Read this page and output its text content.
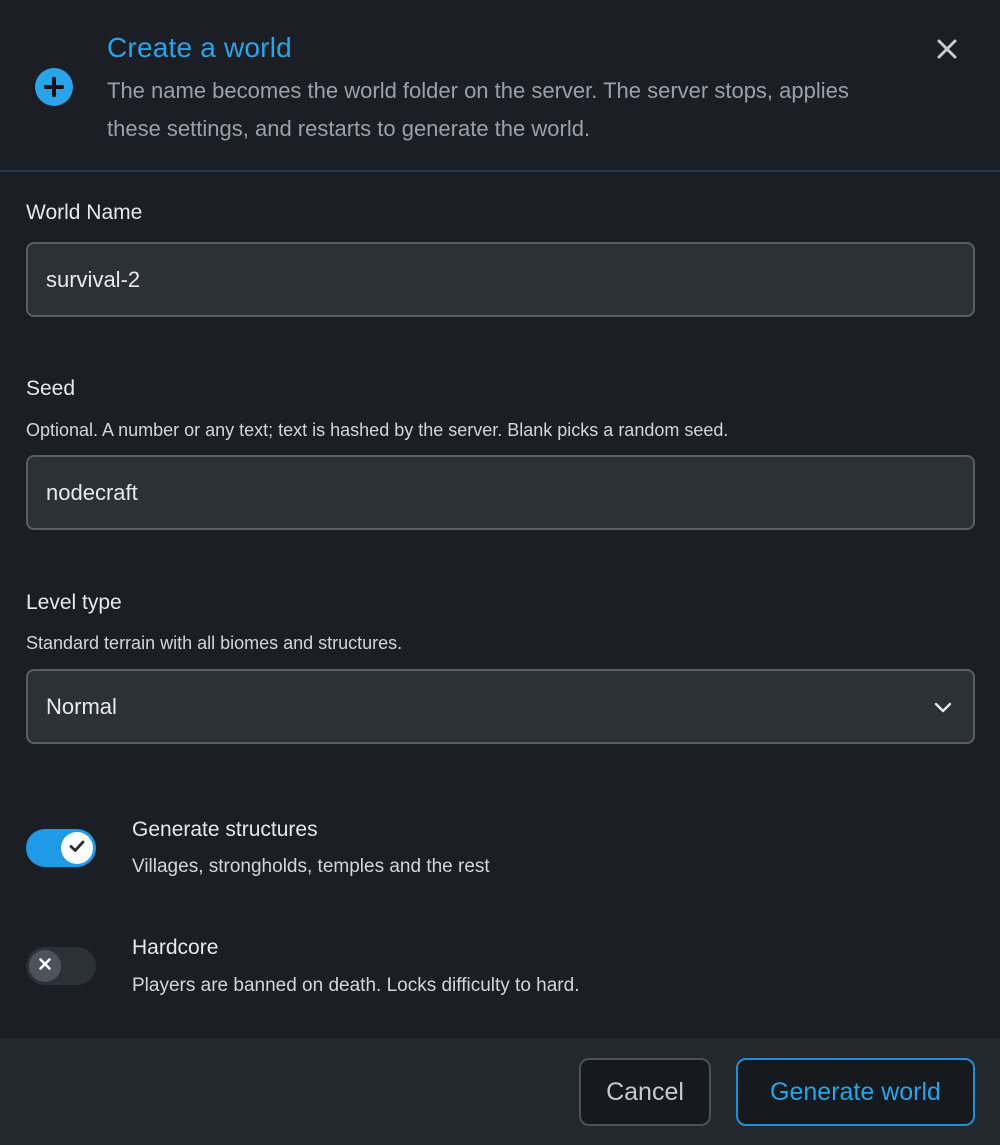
Create a world
The name becomes the world folder on the server. The server stops, applies these settings, and restarts to generate the world.
World Name
survival-2
Seed
Optional. A number or any text; text is hashed by the server. Blank picks a random seed.
nodecraft
Level type
Standard terrain with all biomes and structures.
Normal
Generate structures
Villages, strongholds, temples and the rest
Hardcore
Players are banned on death. Locks difficulty to hard.
Cancel	Generate world
